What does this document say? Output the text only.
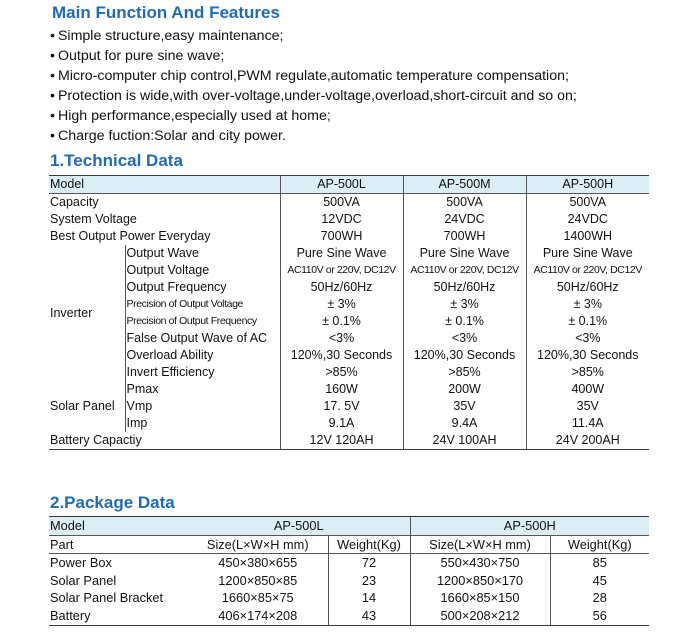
Main Function And Features
• Simple structure,easy maintenance;
• Output for pure sine wave;
• Micro-computer chip control,PWM regulate,automatic temperature compensation;
• Protection is wide,with over-voltage,under-voltage,overload,short-circuit and so on;
• High performance,especially used at home;
• Charge fuction:Solar and city power.
1.Technical Data
Model		AP-500L	AP-500M	AP-500H
Capacity		500VA	500VA	500VA
System Voltage		12VDC	24VDC	24VDC
Best Output Power Everyday		700WH	700WH	1400WH
Inverter	Output Wave	Pure Sine Wave	Pure Sine Wave	Pure Sine Wave
	Output Voltage	AC110V or 220V, DC12V	AC110V or 220V, DC12V	AC110V or 220V, DC12V
	Output Frequency	50Hz/60Hz	50Hz/60Hz	50Hz/60Hz
	Precision of Output Voltage	± 3%	± 3%	± 3%
	Precision of Output Frequency	± 0.1%	± 0.1%	± 0.1%
	False Output Wave of AC	<3%	<3%	<3%
	Overload Ability	120%,30 Seconds	120%,30 Seconds	120%,30 Seconds
	Invert Efficiency	>85%	>85%	>85%
Solar Panel	Pmax	160W	200W	400W
	Vmp	17. 5V	35V	35V
	Imp	9.1A	9.4A	11.4A
Battery Capactiy		12V 120AH	24V 100AH	24V 200AH
2.Package Data
Model	AP-500L		AP-500H	
Part	Size(L×W×H mm)	Weight(Kg)	Size(L×W×H mm)	Weight(Kg)
Power Box	450×380×655	72	550×430×750	85
Solar Panel	1200×850×85	23	1200×850×170	45
Solar Panel Bracket	1660×85×75	14	1660×85×150	28
Battery	406×174×208	43	500×208×212	56
